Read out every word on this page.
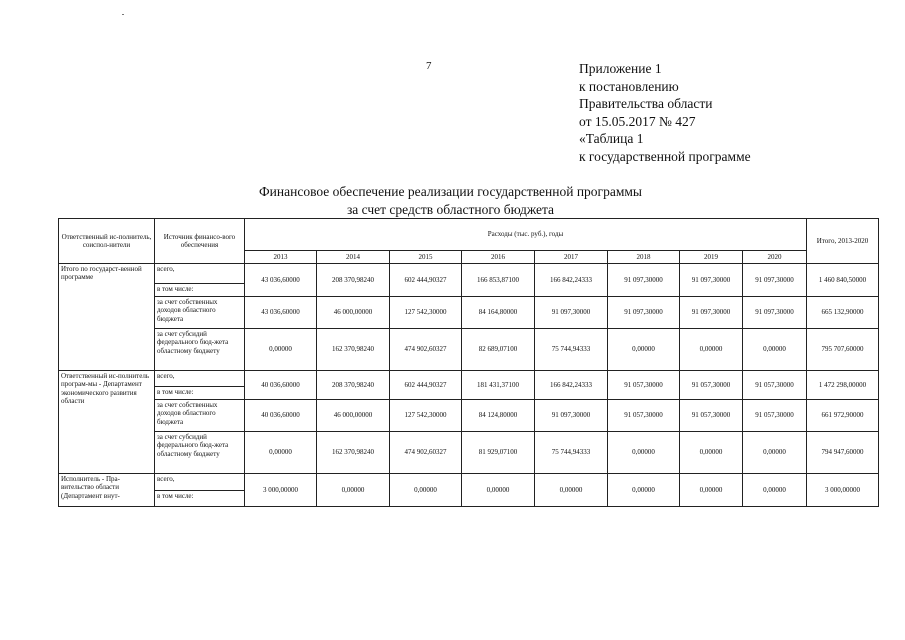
7	Приложение 1
к постановлению
Правительства области
от 15.05.2017 № 427
«Таблица 1
к государственной программе
Финансовое обеспечение реализации государственной программы
за счет средств областного бюджета
Ответственный ис-полнитель, соиспол-нители	Источник финансо-вого обеспечения	Расходы (тыс. руб.), годы								Итого, 2013-2020
		2013	2014	2015	2016	2017	2018	2019	2020	
Итого по государст-венной программе	всего,	43 036,60000	208 370,98240	602 444,90327	166 853,87100	166 842,24333	91 097,30000	91 097,30000	91 097,30000	1 460 840,50000
	в том числе:									
	за счет собственных доходов областного бюджета	43 036,60000	46 000,00000	127 542,30000	84 164,80000	91 097,30000	91 097,30000	91 097,30000	91 097,30000	665 132,90000
	за счет субсидий федерального бюд-жета областному бюджету	0,00000	162 370,98240	474 902,60327	82 689,07100	75 744,94333	0,00000	0,00000	0,00000	795 707,60000
Ответственный ис-полнитель програм-мы - Департамент экономического развития области	всего,	40 036,60000	208 370,98240	602 444,90327	181 431,37100	166 842,24333	91 057,30000	91 057,30000	91 057,30000	1 472 298,00000
	в том числе:									
	за счет собственных доходов областного бюджета	40 036,60000	46 000,00000	127 542,30000	84 124,80000	91 097,30000	91 057,30000	91 057,30000	91 057,30000	661 972,90000
	за счет субсидий федерального бюд-жета областному бюджету	0,00000	162 370,98240	474 902,60327	81 929,07100	75 744,94333	0,00000	0,00000	0,00000	794 947,60000
Исполнитель - Пра-вительство области (Департамент внут-	всего,	3 000,00000	0,00000	0,00000	0,00000	0,00000	0,00000	0,00000	0,00000	3 000,00000
	в том числе:									
